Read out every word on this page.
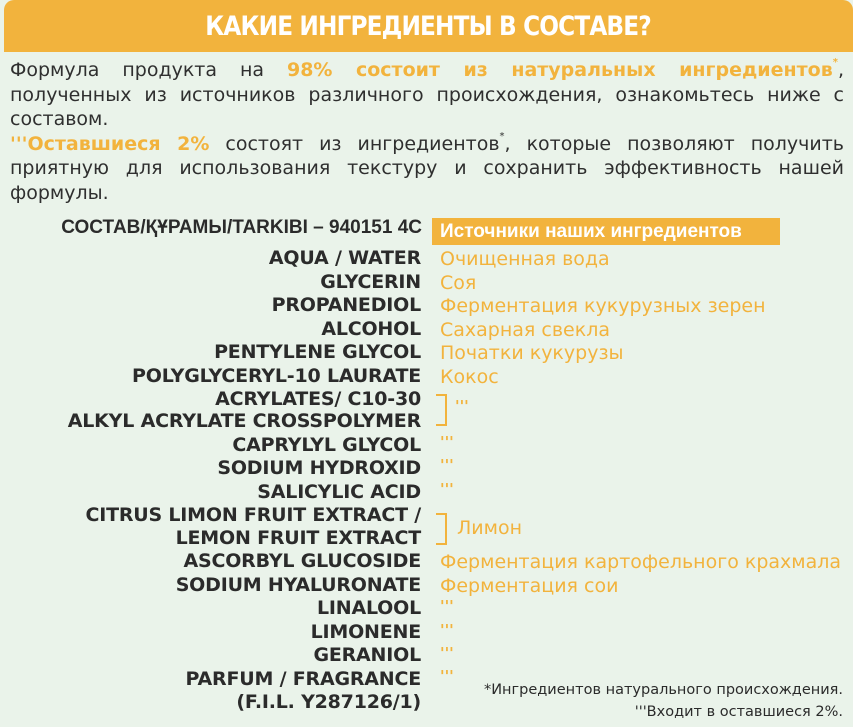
КАКИЕ ИНГРЕДИЕНТЫ В СОСТАВЕ?

Формула продукта на 98% состоит из натуральных ингредиентов*, полученных из источников различного происхождения, ознакомьтесь ниже с составом.

'''Оставшиеся 2% состоят из ингредиентов*, которые позволяют получить приятную для использования текстуру и сохранить эффективность нашей формулы.

СОСТАВ/ҚҰРАМЫ/TARKIBI – 940151 4C Источники наших ингредиентов
AQUA / WATER
GLYCERIN
PROPANEDIOL
ALCOHOL
PENTYLENE GLYCOL
POLYGLYCERYL-10 LAURATE
ACRYLATES/ C10-30
ALKYL ACRYLATE CROSSPOLYMER
CAPRYLYL GLYCOL
SODIUM HYDROXID
SALICYLIC ACID
CITRUS LIMON FRUIT EXTRACT /
LEMON FRUIT EXTRACT
ASCORBYL GLUCOSIDE
SODIUM HYALURONATE
LINALOOL
LIMONENE
GERANIOL
PARFUM / FRAGRANCE
(F.I.L. Y287126/1)
Очищенная вода
Соя
Ферментация кукурузных зерен
Сахарная свекла
Початки кукурузы
Кокос
'''
'''
'''
'''
Лимон
Ферментация картофельного крахмала
Ферментация сои
'''
'''
'''
'''
*Ингредиентов натурального происхождения.
'''Входит в оставшиеся 2%.
